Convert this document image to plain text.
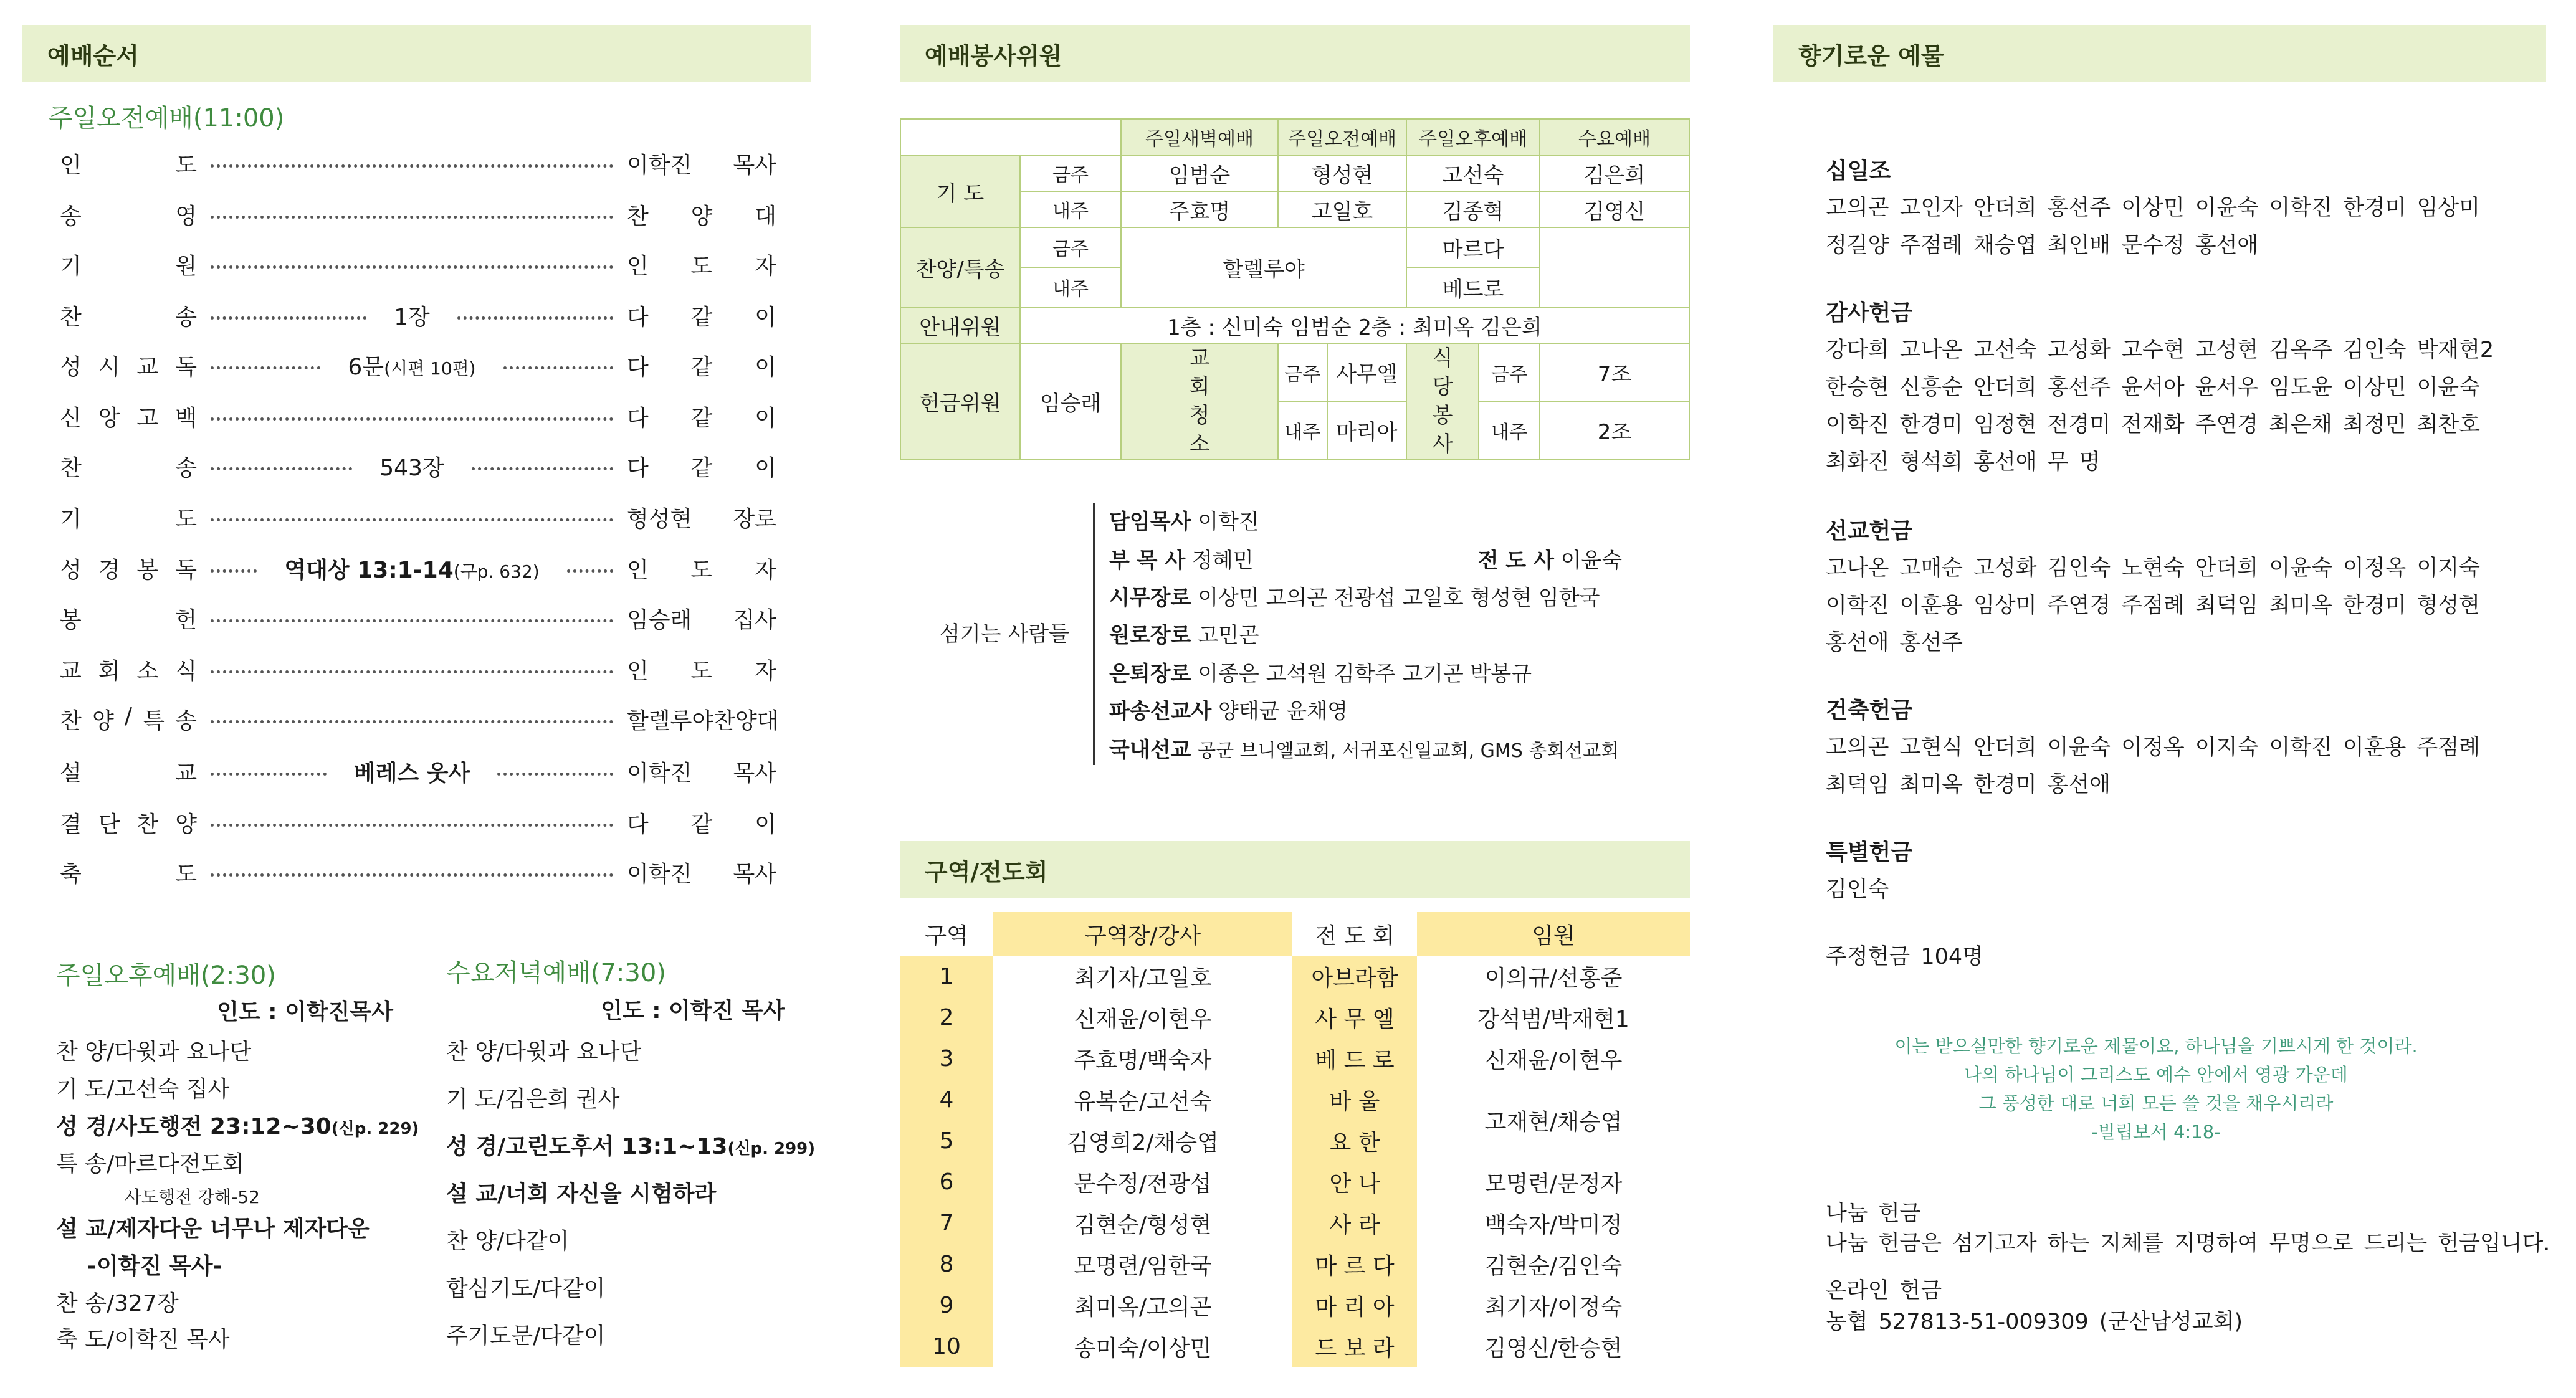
예배순서
주일오전예배(11:00)
인	도	이학진 목사
송	영	찬 양 대
기	원	인 도 자
찬	송	1장	다 같 이
성 시 교 독	6문(시편 10편)	다 같 이
신 앙 고 백	다 같 이
찬	송	543장	다 같 이
기	도	형성현 장로
성 경 봉 독	역대상 13:1-14(구p. 632)	인 도 자
봉	헌	임승래 집사
교 회 소 식	인 도 자
찬 양 / 특 송	할 렐 루 야 찬 양 대
설	교	베레스 웃사	이학진 목사
결 단 찬 양	다 같 이
축	도	이학진 목사
주일오후예배(2:30)
인도 : 이학진목사
찬 양/다윗과 요나단
기 도/고선숙 집사
성 경/사도행전 23:12~30(신p. 229)
특 송/마르다전도회
사도행전 강해-52
설 교/제자다운 너무나 제자다운
-이학진 목사-
찬 송/327장
축 도/이학진 목사
수요저녁예배(7:30)
인도 : 이학진 목사
찬 양/다윗과 요나단
기 도/김은희 권사
성 경/고린도후서 13:1~13(신p. 299)
설 교/너희 자신을 시험하라
찬 양/다같이
합심기도/다같이
주기도문/다같이
예배봉사위원
		주일새벽예배	주일오전예배		주일오후예배		수요예배
기 도	금주	임범순	형성현		고선숙		김은희
	내주	주효명	고일호		김종혁		김영신
찬양/특송	금주	할렐루야			마르다		
	내주				베드로		
안내위원	1층 : 신미숙 임범순 2층 : 최미옥 김은희						
헌금위원	임승래	교회청소	금주	사무엘	식당봉사	금주	7조
			내주	마리아		내주	2조
섬기는 사람들
담임목사 이학진
부 목 사 정혜민	전 도 사 이윤숙
시무장로 이상민 고의곤 전광섭 고일호 형성현 임한국
원로장로 고민곤
은퇴장로 이종은 고석원 김학주 고기곤 박봉규
파송선교사 양태균 윤채영
국내선교 공군 브니엘교회, 서귀포신일교회, GMS 총회선교회
구역/전도회
구역	구역장/강사	전 도 회	임원
1	최기자/고일호	아브라함	이의규/선홍준
2	신재윤/이현우	사 무 엘	강석범/박재현1
3	주효명/백숙자	베 드 로	신재윤/이현우
4	유복순/고선숙	바 울	고재현/채승엽
5	김영희2/채승엽	요 한	
6	문수정/전광섭	안 나	모명련/문정자
7	김현순/형성현	사 라	백숙자/박미정
8	모명련/임한국	마 르 다	김현순/김인숙
9	최미옥/고의곤	마 리 아	최기자/이정숙
10	송미숙/이상민	드 보 라	김영신/한승현
향기로운 예물
십일조
고의곤 고인자 안더희 홍선주 이상민 이윤숙 이학진 한경미 임상미
정길양 주점례 채승엽 최인배 문수정 홍선애
감사헌금
강다희 고나온 고선숙 고성화 고수현 고성현 김옥주 김인숙 박재현2
한승현 신흥순 안더희 홍선주 윤서아 윤서우 임도윤 이상민 이윤숙
이학진 한경미 임정현 전경미 전재화 주연경 최은채 최정민 최찬호
최화진 형석희 홍선애 무 명
선교헌금
고나온 고매순 고성화 김인숙 노현숙 안더희 이윤숙 이정옥 이지숙
이학진 이훈용 임상미 주연경 주점례 최덕임 최미옥 한경미 형성현
홍선애 홍선주
건축헌금
고의곤 고현식 안더희 이윤숙 이정옥 이지숙 이학진 이훈용 주점례
최덕임 최미옥 한경미 홍선애
특별헌금
김인숙
주정헌금 104명
이는 받으실만한 향기로운 제물이요, 하나님을 기쁘시게 한 것이라.
나의 하나님이 그리스도 예수 안에서 영광 가운데
그 풍성한 대로 너희 모든 쓸 것을 채우시리라
-빌립보서 4:18-
나눔 헌금
나눔 헌금은 섬기고자 하는 지체를 지명하여 무명으로 드리는 헌금입니다.
온라인 헌금
농협 527813-51-009309 (군산남성교회)
